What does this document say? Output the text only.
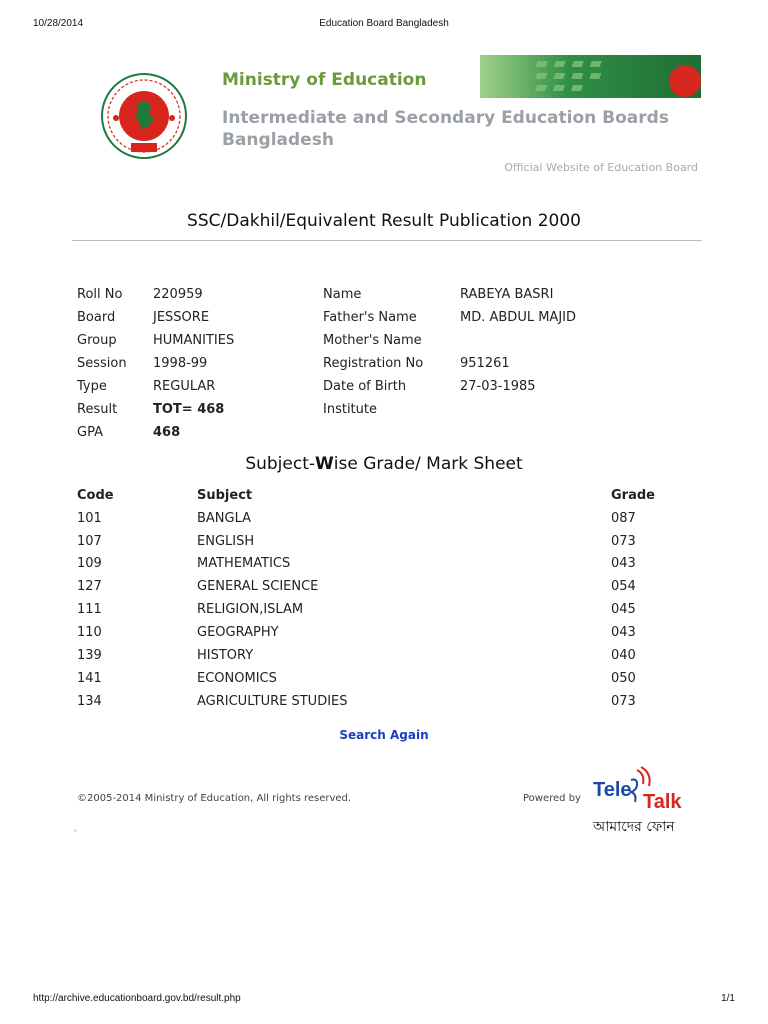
10/28/2014	Education Board Bangladesh
Ministry of Education
Intermediate and Secondary Education Boards
Bangladesh
Official Website of Education Board
SSC/Dakhil/Equivalent Result Publication 2000
Roll No 220959	Name	RABEYA BASRI
Board	JESSORE	Father's Name	MD. ABDUL MAJID
Group	HUMANITIES	Mother's Name
Session 1998-99	Registration No	951261
Type	REGULAR	Date of Birth	27-03-1985
Result	TOT= 468	Institute
GPA	468
Subject-Wise Grade/ Mark Sheet
Code	Subject	Grade
101	BANGLA	087
107	ENGLISH	073
109	MATHEMATICS	043
127	GENERAL SCIENCE	054
111	RELIGION,ISLAM	045
110	GEOGRAPHY	043
139	HISTORY	040
141	ECONOMICS	050
134	AGRICULTURE STUDIES	073
Search Again
©2005-2014 Ministry of Education, All rights reserved.	Powered by Tele
Talk
আমাদের ফোন
http://archive.educationboard.gov.bd/result.php	1/1
